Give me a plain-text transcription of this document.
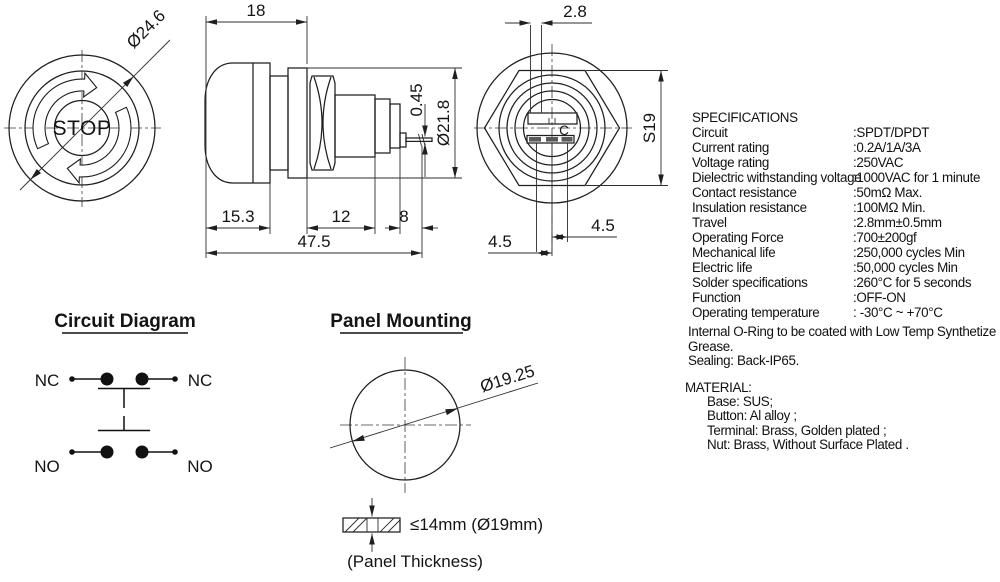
Ø24.6
STOP
18
15.3	12	8
47.5
Ø21.8
0.45
C
2.8
S19
4.5
4.5
Circuit Diagram
NC	NC
NO	NO
Panel Mounting
Ø19.25
≤14mm (Ø19mm)
(Panel Thickness)
SPECIFICATIONS
Circuit	:SPDT/DPDT
Current rating	:0.2A/1A/3A
Voltage rating	:250VAC
Dielectric withstanding voltage
:1000VAC for 1 minute
Contact resistance	:50mΩ Max.
Insulation resistance	:100MΩ Min.
Travel	:2.8mm±0.5mm
Operating Force	:700±200gf
Mechanical life	:250,000 cycles Min
Electric life	:50,000 cycles Min
Solder specifications	:260°C for 5 seconds
Function	:OFF-ON
Operating temperature	: -30°C ~ +70°C
Internal O-Ring to be coated with Low Temp Synthetize
Grease.
Sealing: Back-IP65.
MATERIAL:
Base: SUS;
Button: Al alloy ;
Terminal: Brass, Golden plated ;
Nut: Brass, Without Surface Plated .
